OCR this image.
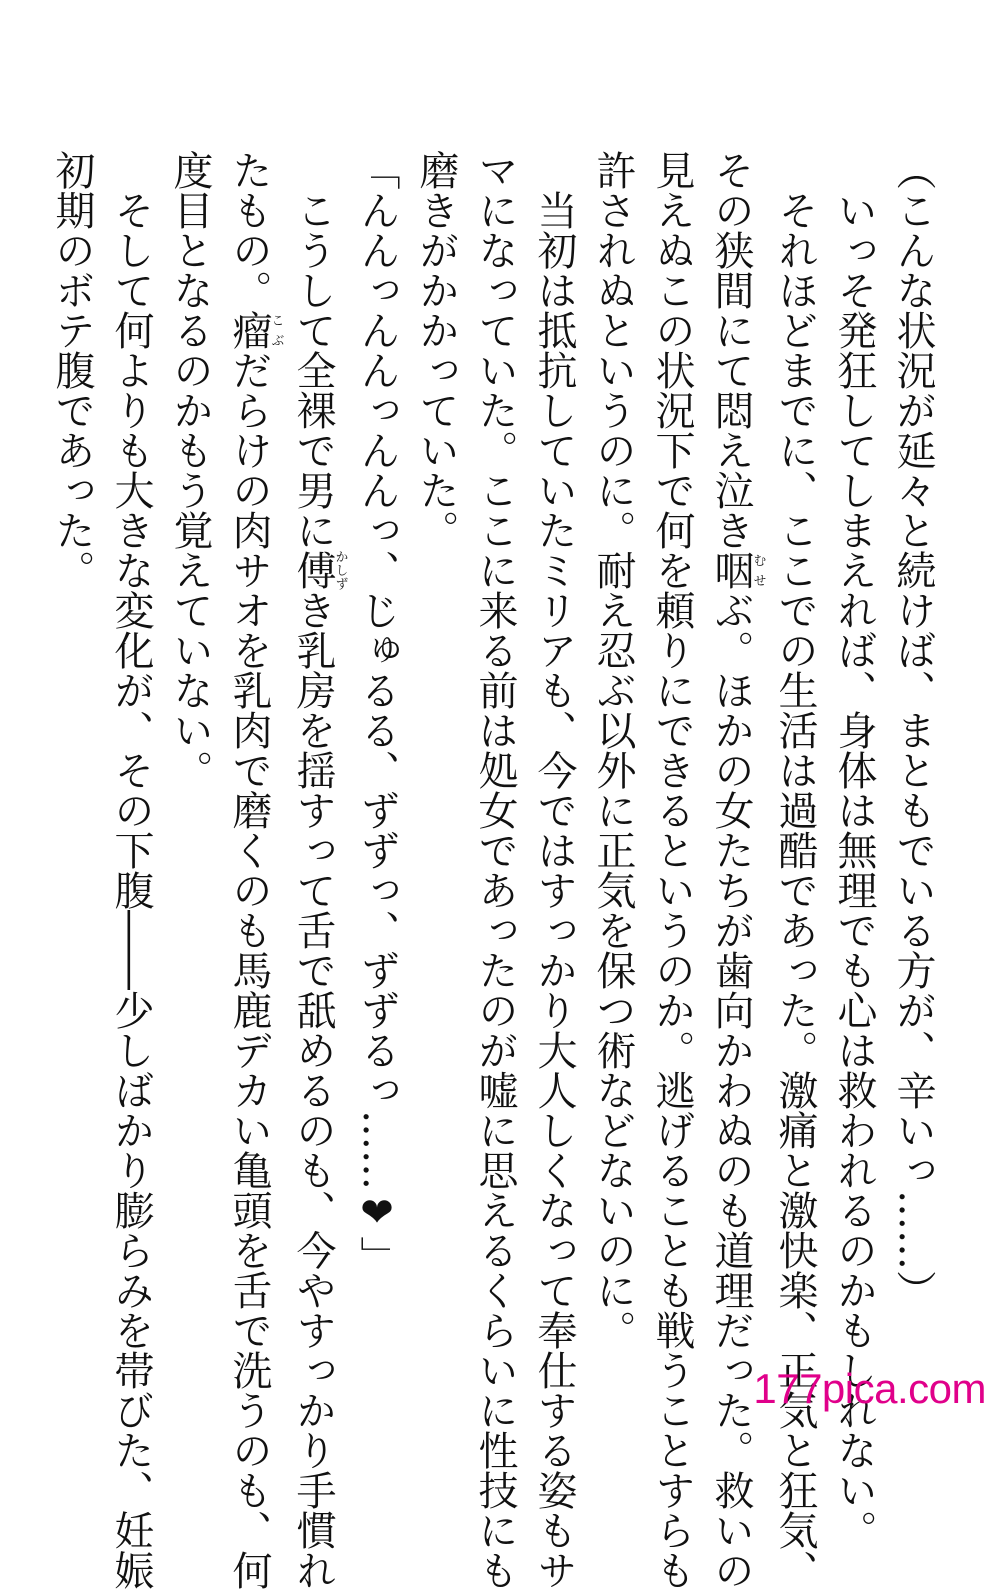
（こんな状況が延々と続けば、まともでいる方が、辛いっ……）

いっそ発狂してしまえれば、身体は無理でも心は救われるのかもしれない。

それほどまでに、ここでの生活は過酷であった。激痛と激快楽、正気と狂気、

その狭間にて悶え泣き咽むせぶ。ほかの女たちが歯向かわぬのも道理だった。救いの

見えぬこの状況下で何を頼りにできるというのか。逃げることも戦うことすらも

許されぬというのに。耐え忍ぶ以外に正気を保つ術などないのに。

当初は抵抗していたミリアも、今ではすっかり大人しくなって奉仕する姿もサ

マになっていた。ここに来る前は処女であったのが嘘に思えるくらいに性技にも

磨きがかかっていた。

「んんっんんっんんっ、じゅるる、ずずっ、ずずるっ……❤」

こうして全裸で男に傅かしずき乳房を揺すって舌で舐めるのも、今やすっかり手慣れ

たもの。瘤こぶだらけの肉サオを乳肉で磨くのも馬鹿デカい亀頭を舌で洗うのも、何

度目となるのかもう覚えていない。

そして何よりも大きな変化が、その下腹――少しばかり膨らみを帯びた、妊娠

初期のボテ腹であった。

177pica.com
